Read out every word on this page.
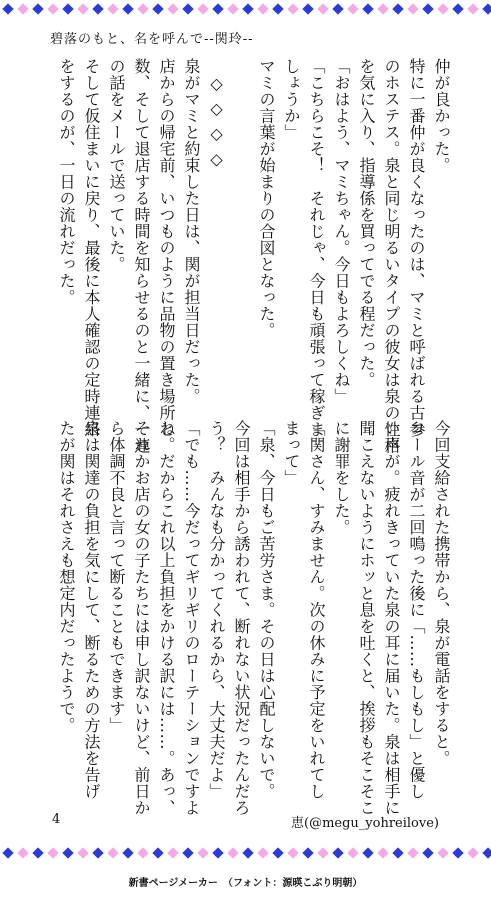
碧落のもと、名を呼んで--関玲--
仲が良かった。
特に一番仲が良くなったのは、マミと呼ばれる古参
のホステス。泉と同じ明るいタイプの彼女は泉の性格
を気に入り、指導係を買ってでる程だった。
「おはよう、マミちゃん。今日もよろしくね」
「こちらこそ！　それじゃ、今日も頑張って稼ぎま
しょうか」
マミの言葉が始まりの合図となった。
◇ ◇ ◇ ◇
泉がマミと約束した日は、関が担当日だった。
店からの帰宅前、いつものように品物の置き場所と
数、そして退店する時間を知らせるのと一緒に、一連
の話をメールで送っていた。
そして仮住まいに戻り、最後に本人確認の定時連絡
をするのが、一日の流れだった。
今回支給された携帯から、泉が電話をすると。
コール音が二回鳴った後に「……もしもし」と優し
い声が。疲れきっていた泉の耳に届いた。泉は相手に
聞こえないようにホッと息を吐くと、挨拶もそこそこ
に謝罪をした。
「関さん、すみません。次の休みに予定をいれてし
まって」
「泉、今日もご苦労さま。その日は心配しないで。
今回は相手から誘われて、断れない状況だったんだろ
う？　みんなも分かってくれるから、大丈夫だよ」
「でも……今だってギリギリのローテーションですよ
ね。だからこれ以上負担をかける訳には……。あっ、
それかお店の女の子たちには申し訳ないけど、前日か
ら体調不良と言って断ることもできます」
泉は関達の負担を気にして、断るための方法を告げ
たが関はそれさえも想定内だったようで。
4	恵(@megu_yohreilove)
新書ページメーカー　（フォント：源暎こぶり明朝）
